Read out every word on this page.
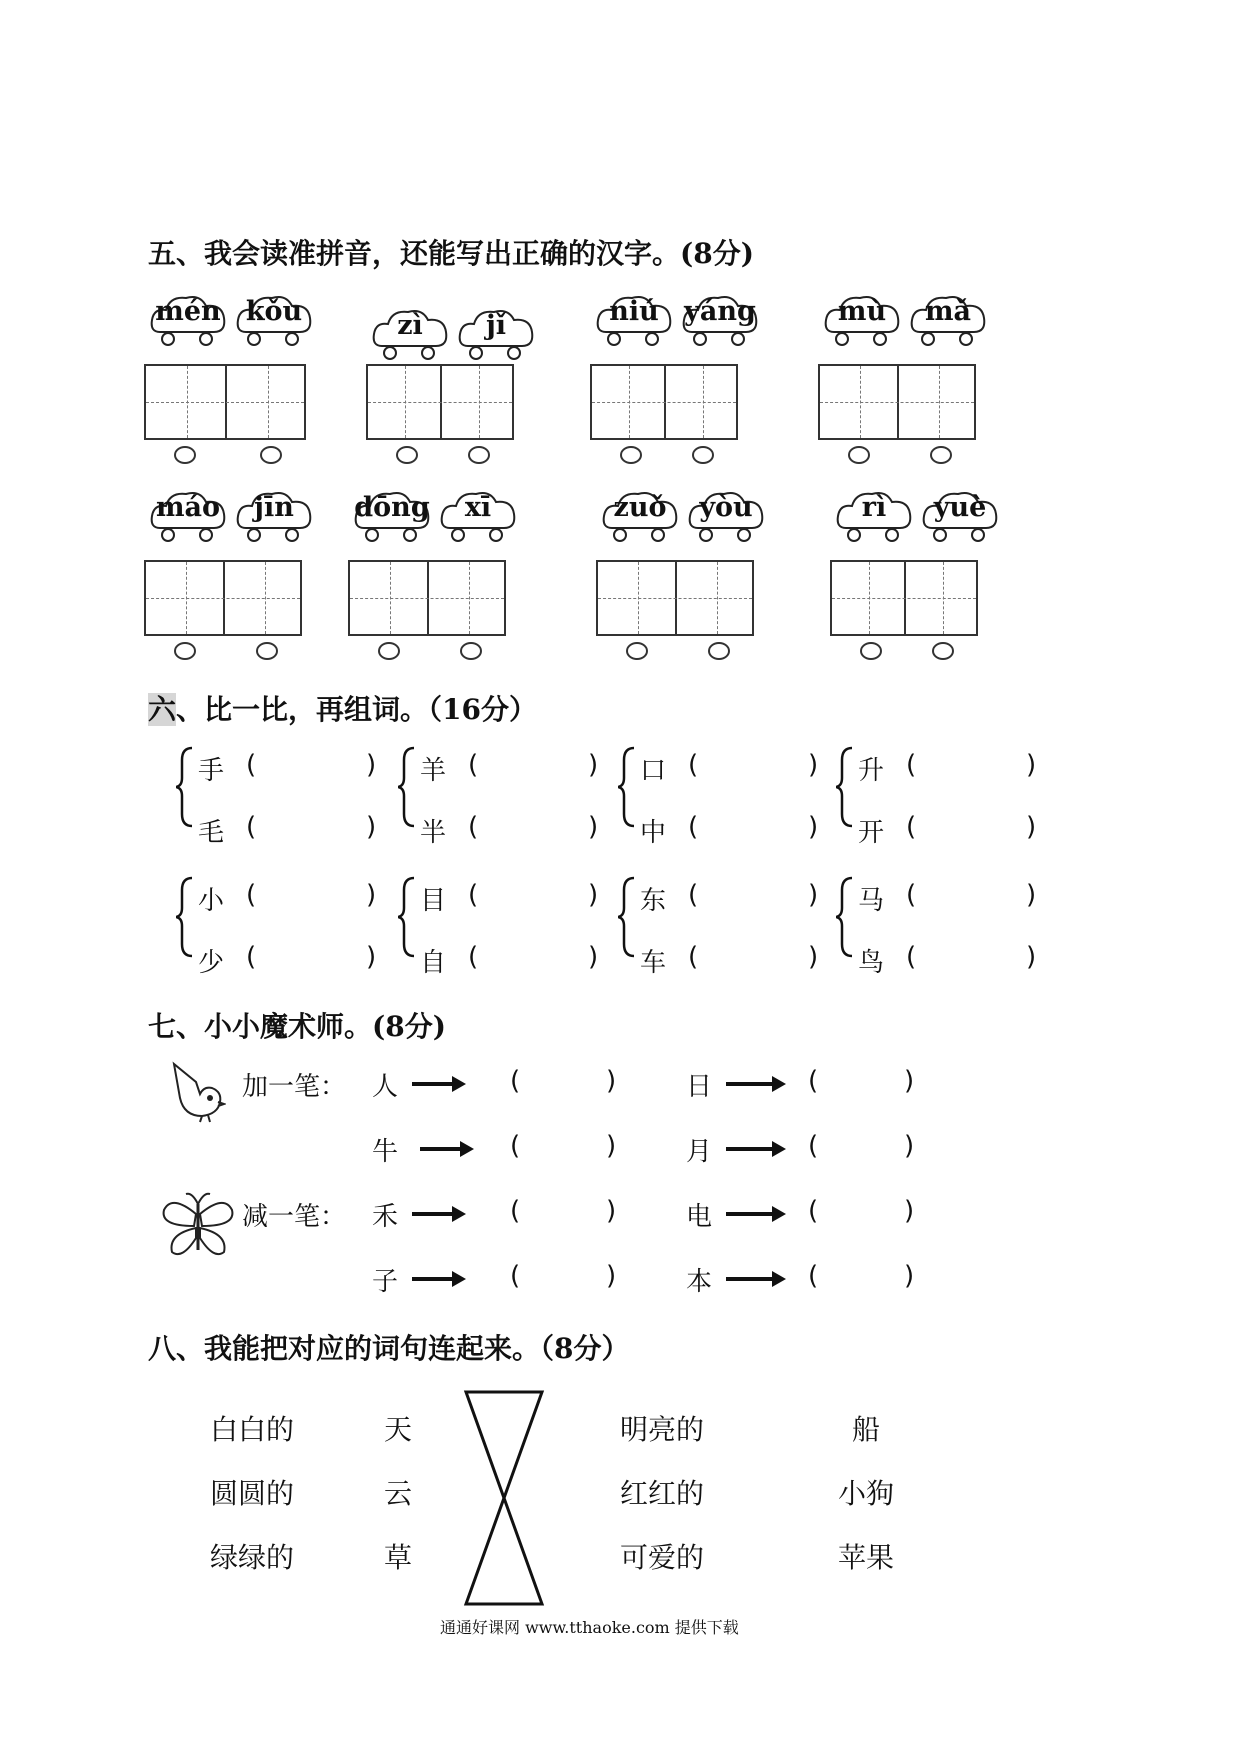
五、我会读准拼音，还能写出正确的汉字。(8分)
mén kǒu	zì	jǐ	niú yáng	mù	mǎ
máo	jīn	dōng	xī	zuǒ	yòu	rì	yuè
六、比一比，再组词。（16分）
手 (	)
毛 (	)
羊 (	)
半 (	)
口 (	)
中 (	)
升 (	)
开 (	)
小 (	)
少 (	)
目 (	)
自 (	)
东 (	)
车 (	)
马 (	)
鸟 (	)
七、小小魔术师。(8分)
加一笔：
减一笔：
人	(	)	日	(	)
牛	(	)	月	(	)
禾	(	)	电	(	)
子	(	)	本	(	)
八、我能把对应的词句连起来。（8分）
白白的	天	明亮的	船
圆圆的	云	红红的	小狗
绿绿的	草	可爱的	苹果
通通好课网 www.tthaoke.com 提供下载
